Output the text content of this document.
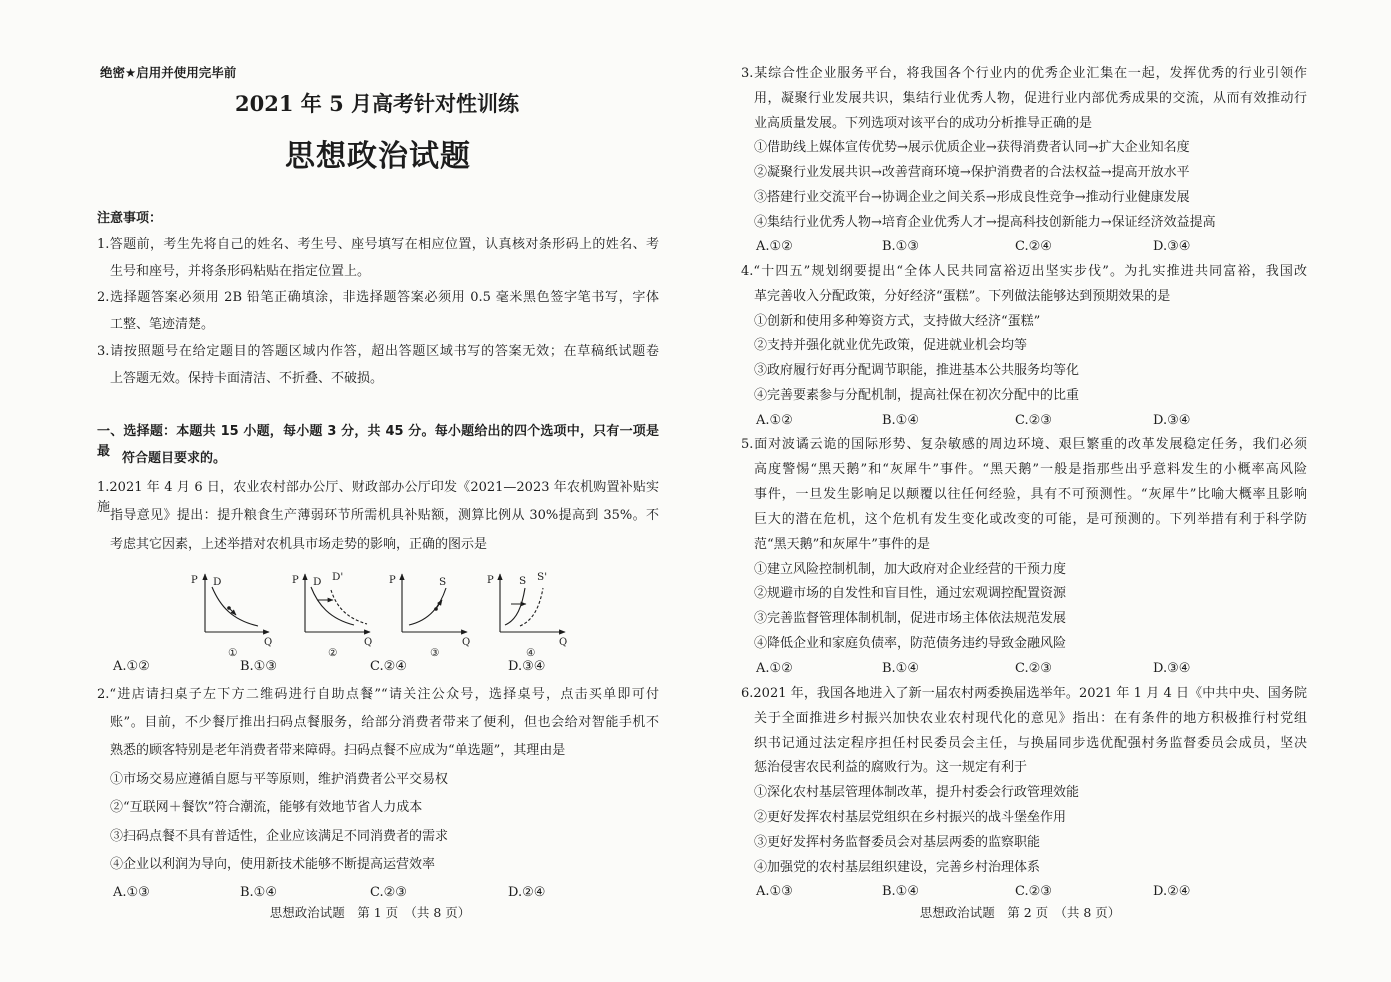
绝密★启用并使用完毕前
2021 年 5 月高考针对性训练
思想政治试题
注意事项：
1.答题前，考生先将自己的姓名、考生号、座号填写在相应位置，认真核对条形码上的姓名、考
生号和座号，并将条形码粘贴在指定位置上。
2.选择题答案必须用 2B 铅笔正确填涂，非选择题答案必须用 0.5 毫米黑色签字笔书写，字体
工整、笔迹清楚。
3.请按照题号在给定题目的答题区域内作答，超出答题区域书写的答案无效；在草稿纸试题卷
上答题无效。保持卡面清洁、不折叠、不破损。
一、选择题：本题共 15 小题，每小题 3 分，共 45 分。每小题给出的四个选项中，只有一项是最 符合题目要求的。
1.2021 年 4 月 6 日，农业农村部办公厅、财政部办公厅印发《2021—2023 年农机购置补贴实施
指导意见》提出：提升粮食生产薄弱环节所需机具补贴额，测算比例从 30%提高到 35%。不
考虑其它因素，上述举措对农机具市场走势的影响，正确的图示是
P
Q
D
①
P
Q
D D'
②
P
Q
S
③
P
Q
S S'
④
A.①②	B.①③	C.②④	D.③④
2.“进店请扫桌子左下方二维码进行自助点餐”“请关注公众号，选择桌号，点击买单即可付
账”。目前，不少餐厅推出扫码点餐服务，给部分消费者带来了便利，但也会给对智能手机不
熟悉的顾客特别是老年消费者带来障碍。扫码点餐不应成为“单选题”，其理由是
①市场交易应遵循自愿与平等原则，维护消费者公平交易权
②“互联网＋餐饮”符合潮流，能够有效地节省人力成本
③扫码点餐不具有普适性，企业应该满足不同消费者的需求
④企业以利润为导向，使用新技术能够不断提高运营效率
A.①③	B.①④	C.②③	D.②④
思想政治试题　第 1 页　（共 8 页）
3.某综合性企业服务平台，将我国各个行业内的优秀企业汇集在一起，发挥优秀的行业引领作
用，凝聚行业发展共识，集结行业优秀人物，促进行业内部优秀成果的交流，从而有效推动行
业高质量发展。下列选项对该平台的成功分析推导正确的是
①借助线上媒体宣传优势→展示优质企业→获得消费者认同→扩大企业知名度
②凝聚行业发展共识→改善营商环境→保护消费者的合法权益→提高开放水平
③搭建行业交流平台→协调企业之间关系→形成良性竞争→推动行业健康发展
④集结行业优秀人物→培育企业优秀人才→提高科技创新能力→保证经济效益提高
A.①②	B.①③	C.②④	D.③④
4.“十四五”规划纲要提出“全体人民共同富裕迈出坚实步伐”。为扎实推进共同富裕，我国改
革完善收入分配政策，分好经济“蛋糕”。下列做法能够达到预期效果的是
①创新和使用多种筹资方式，支持做大经济“蛋糕”
②支持并强化就业优先政策，促进就业机会均等
③政府履行好再分配调节职能，推进基本公共服务均等化
④完善要素参与分配机制，提高社保在初次分配中的比重
A.①②	B.①④	C.②③	D.③④
5.面对波谲云诡的国际形势、复杂敏感的周边环境、艰巨繁重的改革发展稳定任务，我们必须
高度警惕“黑天鹅”和“灰犀牛”事件。“黑天鹅”一般是指那些出乎意料发生的小概率高风险
事件，一旦发生影响足以颠覆以往任何经验，具有不可预测性。“灰犀牛”比喻大概率且影响
巨大的潜在危机，这个危机有发生变化或改变的可能，是可预测的。下列举措有利于科学防
范“黑天鹅”和灰犀牛”事件的是
①建立风险控制机制，加大政府对企业经营的干预力度
②规避市场的自发性和盲目性，通过宏观调控配置资源
③完善监督管理体制机制，促进市场主体依法规范发展
④降低企业和家庭负债率，防范债务违约导致金融风险
A.①②	B.①④	C.②③	D.③④
6.2021 年，我国各地进入了新一届农村两委换届选举年。2021 年 1 月 4 日《中共中央、国务院
关于全面推进乡村振兴加快农业农村现代化的意见》指出：在有条件的地方积极推行村党组
织书记通过法定程序担任村民委员会主任，与换届同步选优配强村务监督委员会成员，坚决
惩治侵害农民利益的腐败行为。这一规定有利于
①深化农村基层管理体制改革，提升村委会行政管理效能
②更好发挥农村基层党组织在乡村振兴的战斗堡垒作用
③更好发挥村务监督委员会对基层两委的监察职能
④加强党的农村基层组织建设，完善乡村治理体系
A.①③	B.①④	C.②③	D.②④
思想政治试题　第 2 页　（共 8 页）
